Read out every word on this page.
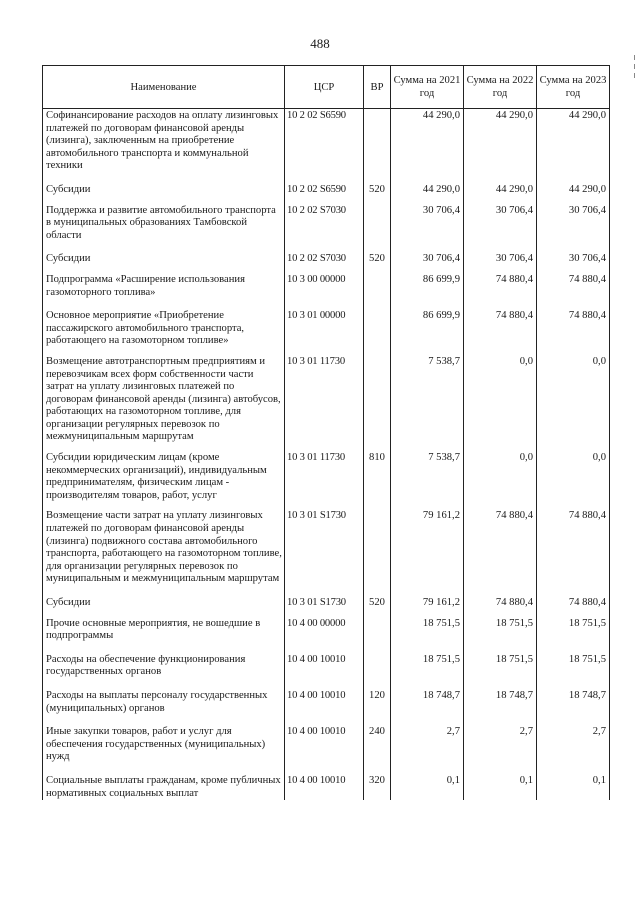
488
Наименование	ЦСР	ВР	Сумма на 2021 год	Сумма на 2022 год	Сумма на 2023 год
Софинансирование расходов на оплату лизинговых платежей по договорам финансовой аренды (лизинга), заключенным на приобретение автомобильного транспорта и коммунальной техники	10 2 02 S6590		44 290,0	44 290,0	44 290,0

Субсидии	10 2 02 S6590	520	44 290,0	44 290,0	44 290,0

Поддержка и развитие автомобильного транспорта в муниципальных образованиях Тамбовской области	10 2 02 S7030		30 706,4	30 706,4	30 706,4

Субсидии	10 2 02 S7030	520	30 706,4	30 706,4	30 706,4

Подпрограмма «Расширение использования газомоторного топлива»	10 3 00 00000		86 699,9	74 880,4	74 880,4

Основное мероприятие «Приобретение пассажирского автомобильного транспорта, работающего на газомоторном топливе»	10 3 01 00000		86 699,9	74 880,4	74 880,4

Возмещение автотранспортным предприятиям и перевозчикам всех форм собственности части затрат на уплату лизинговых платежей по договорам финансовой аренды (лизинга) автобусов, работающих на газомоторном топливе, для организации регулярных перевозок по межмуниципальным маршрутам	10 3 01 11730		7 538,7	0,0	0,0

Субсидии юридическим лицам (кроме некоммерческих организаций), индивидуальным предпринимателям, физическим лицам - производителям товаров, работ, услуг	10 3 01 11730	810	7 538,7	0,0	0,0

Возмещение части затрат на уплату лизинговых платежей по договорам финансовой аренды (лизинга) подвижного состава автомобильного транспорта, работающего на газомоторном топливе, для организации регулярных перевозок по муниципальным и межмуниципальным маршрутам	10 3 01 S1730		79 161,2	74 880,4	74 880,4

Субсидии	10 3 01 S1730	520	79 161,2	74 880,4	74 880,4

Прочие основные мероприятия, не вошедшие в подпрограммы	10 4 00 00000		18 751,5	18 751,5	18 751,5

Расходы на обеспечение функционирования государственных органов	10 4 00 10010		18 751,5	18 751,5	18 751,5

Расходы на выплаты персоналу государственных (муниципальных) органов	10 4 00 10010	120	18 748,7	18 748,7	18 748,7

Иные закупки товаров, работ и услуг для обеспечения государственных (муниципальных) нужд	10 4 00 10010	240	2,7	2,7	2,7

Социальные выплаты гражданам, кроме публичных нормативных социальных выплат	10 4 00 10010	320	0,1	0,1	0,1
